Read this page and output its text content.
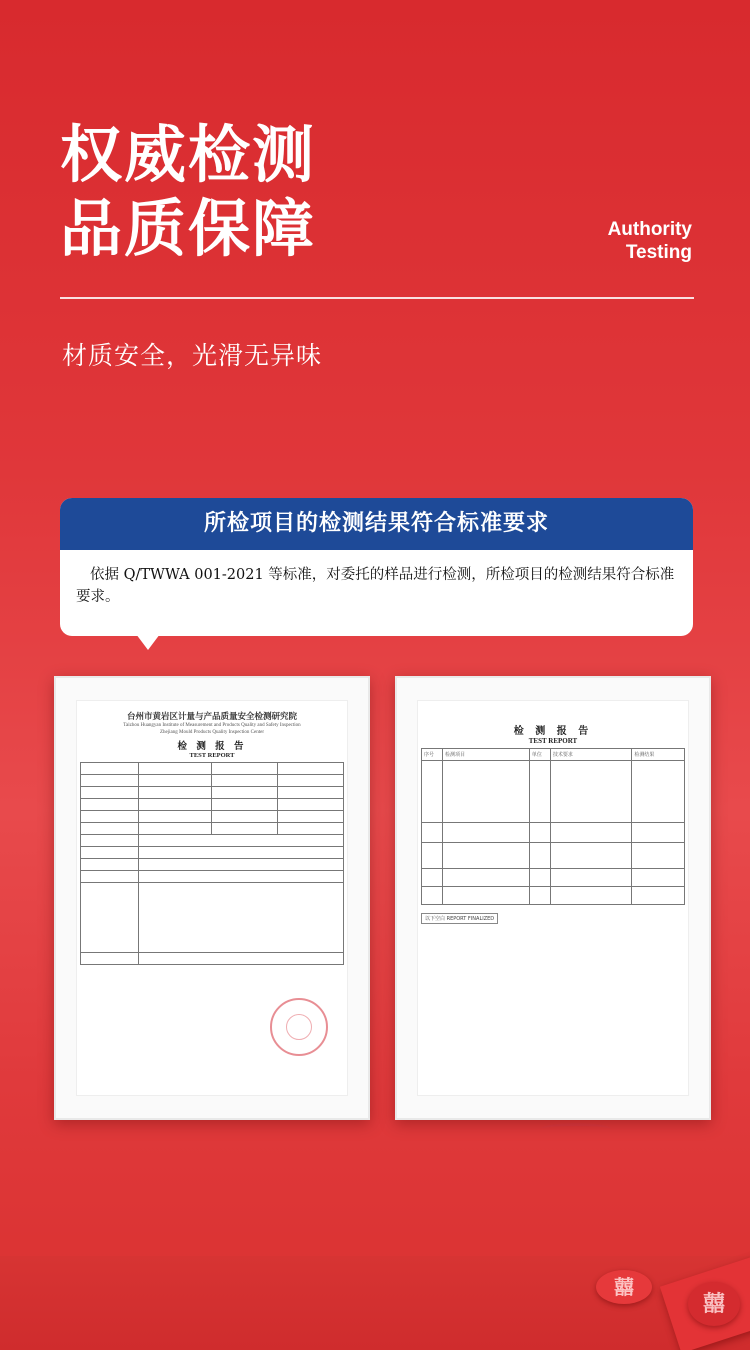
权威检测
品质保障	Authority
Testing
材质安全，光滑无异味
所检项目的检测结果符合标准要求
依据 Q/TWWA 001-2021 等标准，对委托的样品进行检测，所检项目的检测结果符合标准要求。
台州市黄岩区计量与产品质量安全检测研究院
Taizhou Huangyan Institute of Measurement and Products Quality and Safety Inspection
Zhejiang Mould Products Quality Inspection Center
检 测 报 告
TEST REPORT

检 测 报 告
TEST REPORT
序号	检测项目	单位	技术要求	检测结果

以下空白 REPORT FINALIZED
囍
囍
